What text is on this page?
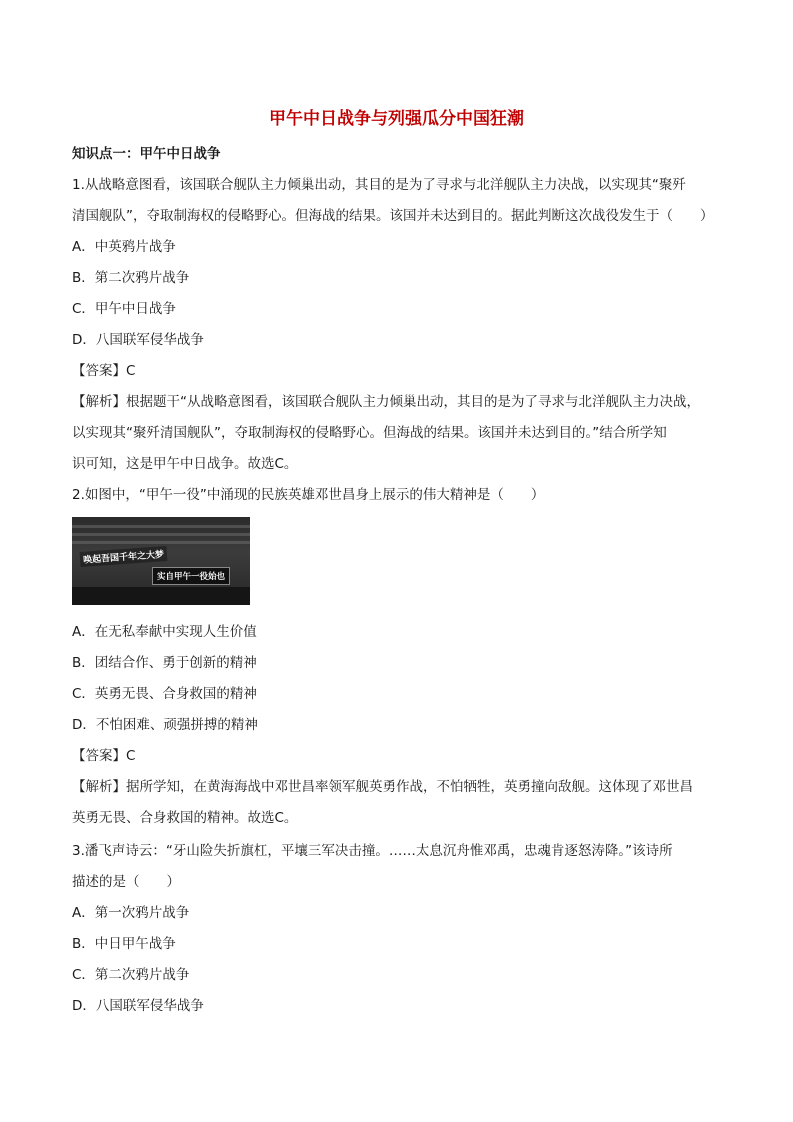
甲午中日战争与列强瓜分中国狂潮
知识点一：甲午中日战争
1.从战略意图看，该国联合舰队主力倾巢出动，其目的是为了寻求与北洋舰队主力决战，以实现其“聚歼
清国舰队”，夺取制海权的侵略野心。但海战的结果。该国并未达到目的。据此判断这次战役发生于（　　）
A．中英鸦片战争
B．第二次鸦片战争
C．甲午中日战争
D．八国联军侵华战争
【答案】C
【解析】根据题干“从战略意图看，该国联合舰队主力倾巢出动，其目的是为了寻求与北洋舰队主力决战，
以实现其“聚歼清国舰队”，夺取制海权的侵略野心。但海战的结果。该国并未达到目的。”结合所学知
识可知，这是甲午中日战争。故选C。
2.如图中，“甲午一役”中涌现的民族英雄邓世昌身上展示的伟大精神是（　　）
唤起吾国千年之大梦
实自甲午一役始也
A．在无私奉献中实现人生价值
B．团结合作、勇于创新的精神
C．英勇无畏、合身救国的精神
D．不怕困难、顽强拼搏的精神
【答案】C
【解析】据所学知，在黄海海战中邓世昌率领军舰英勇作战，不怕牺牲，英勇撞向敌舰。这体现了邓世昌
英勇无畏、合身救国的精神。故选C。
3.潘飞声诗云：“牙山险失折旗杠，平壤三军决击撞。……太息沉舟惟邓禹，忠魂肯逐怒涛降。”该诗所
描述的是（　　）
A．第一次鸦片战争
B．中日甲午战争
C．第二次鸦片战争
D．八国联军侵华战争
